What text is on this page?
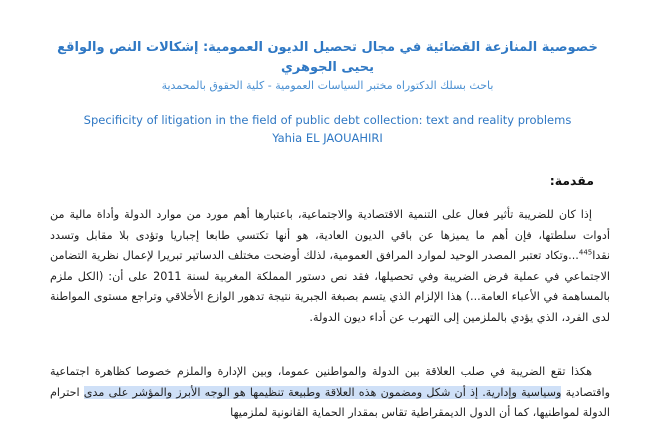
خصوصية المنازعة القضائية في مجال تحصيل الديون العمومية: إشكالات النص والواقع
يحيى الجوهري
باحث بسلك الدكتوراه مختبر السياسات العمومية - كلية الحقوق بالمحمدية
Specificity of litigation in the field of public debt collection: text and reality problems
Yahia EL JAOUAHIRI
مقدمة:

إذا كان للضريبة تأثير فعال على التنمية الاقتصادية والاجتماعية، باعتبارها أهم مورد من موارد الدولة وأداة مالية من أدوات سلطتها، فإن أهم ما يميزها عن باقي الديون العادية، هو أنها تكتسي طابعا إجباريا وتؤدى بلا مقابل وتسدد نقدا$^{445}$...وتكاد تعتبر المصدر الوحيد لموارد المرافق العمومية، لذلك أوضحت مختلف الدساتير تبريرا لإعمال نظرية التضامن الاجتماعي في عملية فرض الضريبة وفي تحصيلها، فقد نص دستور المملكة المغربية لسنة 2011 على أن: (الكل ملزم بالمساهمة في الأعباء العامة...) هذا الإلزام الذي يتسم بصبغة الجبرية نتيجة تدهور الوازع الأخلاقي وتراجع مستوى المواطنة لدى الفرد، الذي يؤدي بالملزمين إلى التهرب عن أداء ديون الدولة.

هكذا تقع الضريبة في صلب العلاقة بين الدولة والمواطنين عموما، وبين الإدارة والملزم خصوصا كظاهرة اجتماعية واقتصادية وسياسية وإدارية. إذ أن شكل ومضمون هذه العلاقة وطبيعة تنظيمها هو الوجه الأبرز والمؤشر على مدى احترام الدولة لمواطنيها، كما أن الدول الديمقراطية تقاس بمقدار الحماية القانونية لملزميها
